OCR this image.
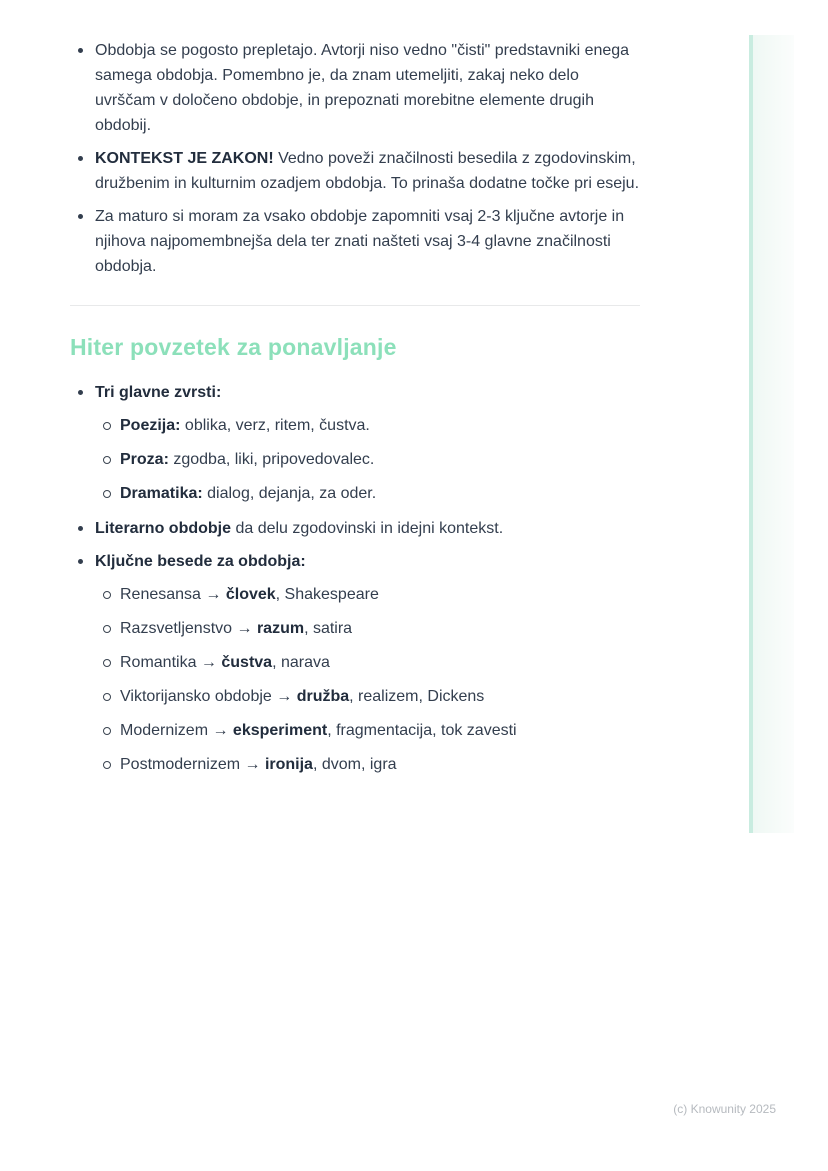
Obdobja se pogosto prepletajo. Avtorji niso vedno "čisti" predstavniki enega samega obdobja. Pomembno je, da znam utemeljiti, zakaj neko delo uvrščam v določeno obdobje, in prepoznati morebitne elemente drugih obdobij.
KONTEKST JE ZAKON! Vedno poveži značilnosti besedila z zgodovinskim, družbenim in kulturnim ozadjem obdobja. To prinaša dodatne točke pri eseju.
Za maturo si moram za vsako obdobje zapomniti vsaj 2-3 ključne avtorje in njihova najpomembnejša dela ter znati našteti vsaj 3-4 glavne značilnosti obdobja.
Hiter povzetek za ponavljanje
Tri glavne zvrsti:
Poezija: oblika, verz, ritem, čustva.
Proza: zgodba, liki, pripovedovalec.
Dramatika: dialog, dejanja, za oder.
Literarno obdobje da delu zgodovinski in idejni kontekst.
Ključne besede za obdobja:
Renesansa → človek, Shakespeare
Razsvetljenstvo → razum, satira
Romantika → čustva, narava
Viktorijansko obdobje → družba, realizem, Dickens
Modernizem → eksperiment, fragmentacija, tok zavesti
Postmodernizem → ironija, dvom, igra
(c) Knowunity 2025
